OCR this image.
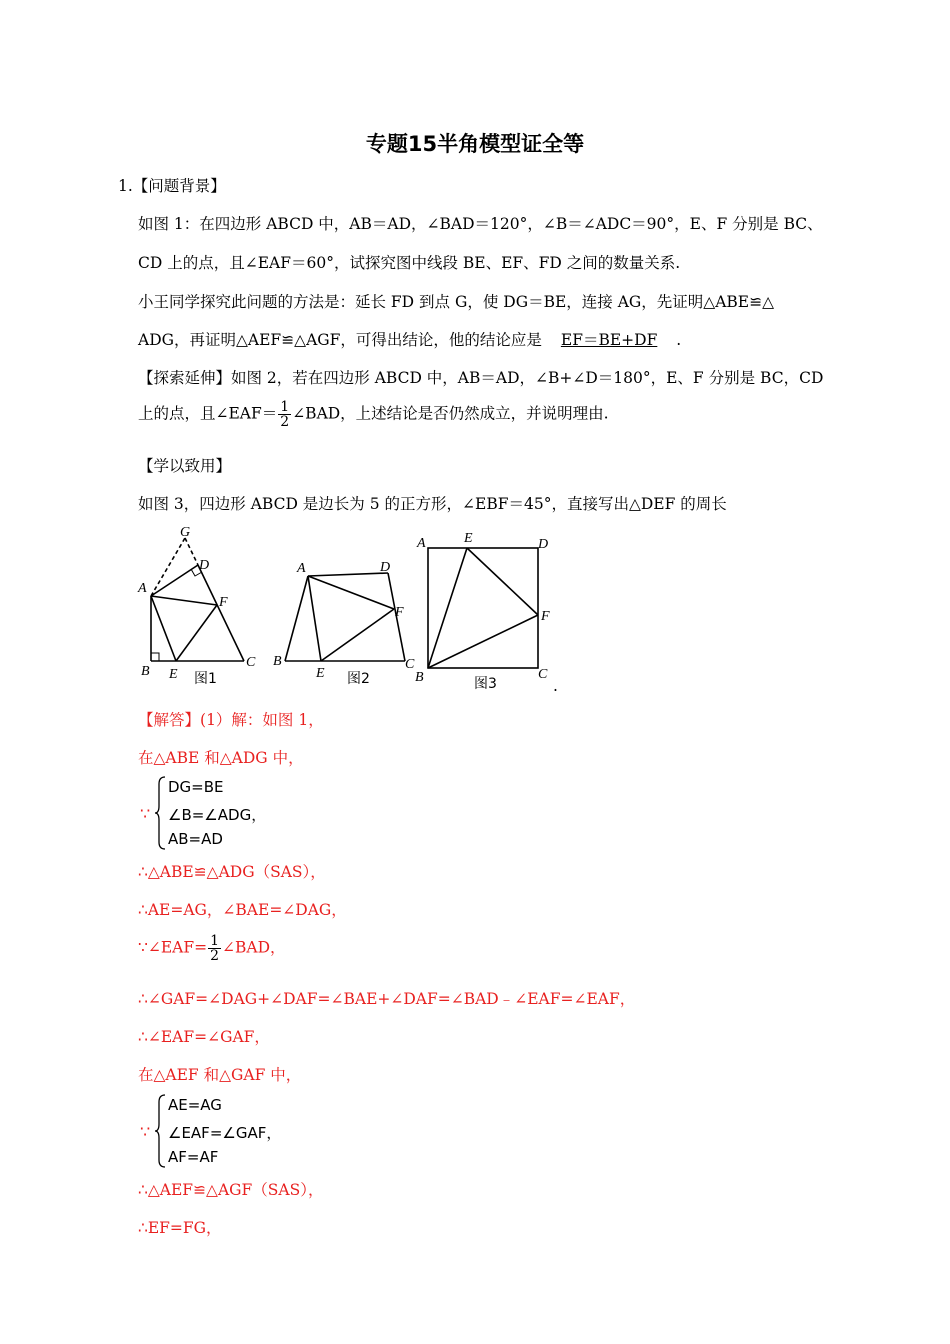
专题15半角模型证全等
1.【问题背景】
如图 1：在四边形 ABCD 中，AB＝AD，∠BAD＝120°，∠B＝∠ADC＝90°，E、F 分别是 BC、
CD 上的点，且∠EAF＝60°，试探究图中线段 BE、EF、FD 之间的数量关系.
小王同学探究此问题的方法是：延长 FD 到点 G，使 DG＝BE，连接 AG，先证明△ABE≌△
ADG，再证明△AEF≌△AGF，可得出结论，他的结论应是 EF＝BE+DF .
【探索延伸】如图 2，若在四边形 ABCD 中，AB＝AD，∠B+∠D＝180°，E、F 分别是 BC，CD
上的点，且∠EAF＝ $\frac{1}{2}$ ∠BAD，上述结论是否仍然成立，并说明理由.
【学以致用】
如图 3，四边形 ABCD 是边长为 5 的正方形，∠EBF＝45°，直接写出△DEF 的周长
A
B
C
D
E
F
G
图1
A
B	C
D
E
F
图2
A
B	C
D
E
F
图3	.
【解答】(1）解：如图 1，
在△ABE 和△ADG 中，
∵
DG=BE
∠B=∠ADG，
AB=AD
∴△ABE≌△ADG（SAS），
∴AE=AG，∠BAE=∠DAG，
∵∠EAF= $\frac{1}{2}$ ∠BAD，
∴∠GAF=∠DAG+∠DAF=∠BAE+∠DAF=∠BAD﹣∠EAF=∠EAF，
∴∠EAF=∠GAF，
在△AEF 和△GAF 中，
∵
AE=AG
∠EAF=∠GAF，
AF=AF
∴△AEF≌△AGF（SAS），
∴EF=FG，
